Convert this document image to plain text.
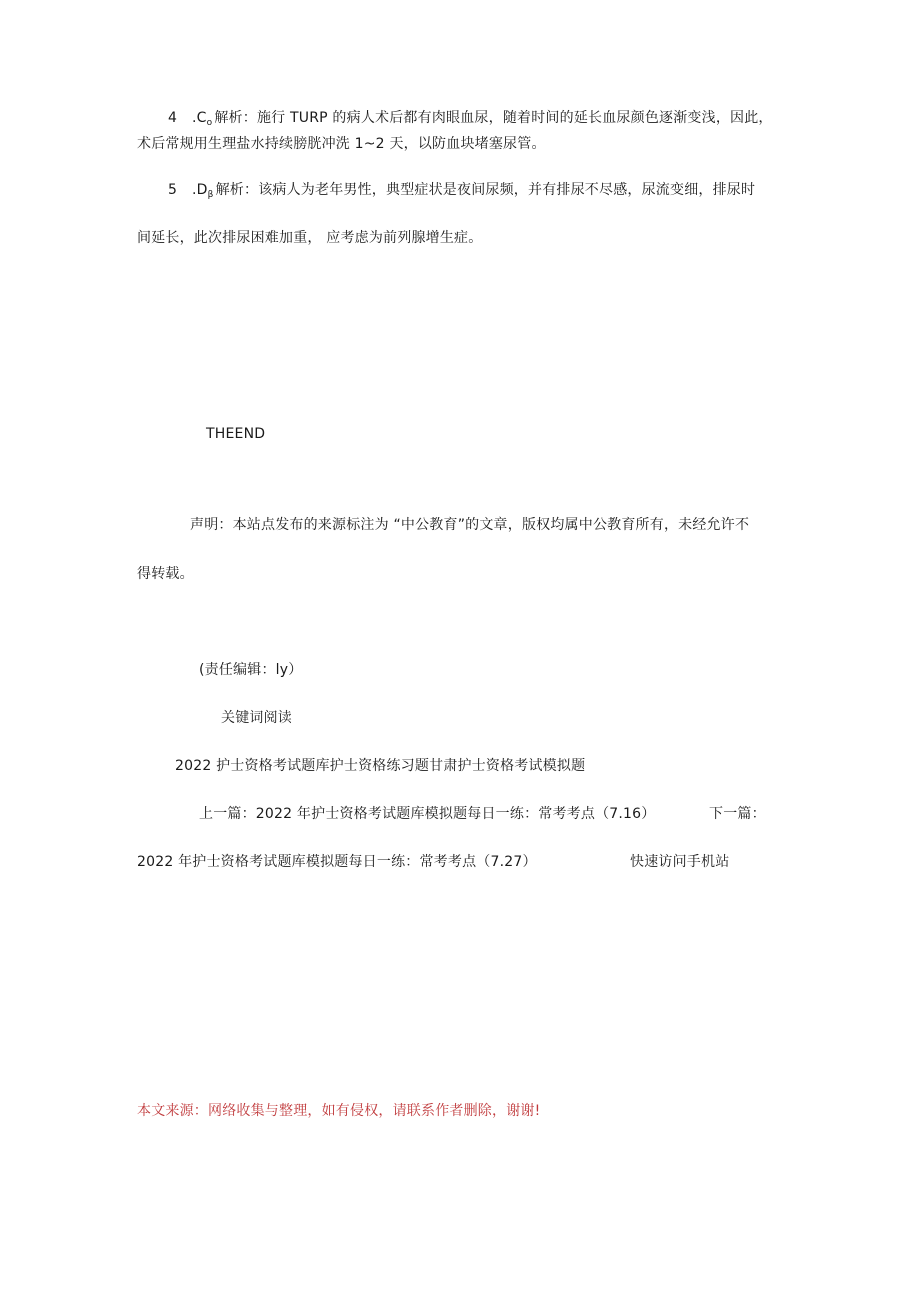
4 $.C_o$ 解析：施行 TURP 的病人术后都有肉眼血尿，随着时间的延长血尿颜色逐渐变浅，因此，
术后常规用生理盐水持续膀胱冲洗 1~2 天，以防血块堵塞尿管。
5 $.D_\beta$ 解析：该病人为老年男性，典型症状是夜间尿频，并有排尿不尽感，尿流变细，排尿时
间延长，此次排尿困难加重， 应考虑为前列腺增生症。
THEEND
声明：本站点发布的来源标注为 “中公教育”的文章，版权均属中公教育所有，未经允许不
得转载。
(责任编辑：ly）
关键词阅读
2022 护士资格考试题库护士资格练习题甘肃护士资格考试模拟题
上一篇：2022 年护士资格考试题库模拟题每日一练：常考考点（7.16）	下一篇：
2022 年护士资格考试题库模拟题每日一练：常考考点（7.27）	快速访问手机站
本文来源：网络收集与整理，如有侵权，请联系作者删除，谢谢!
